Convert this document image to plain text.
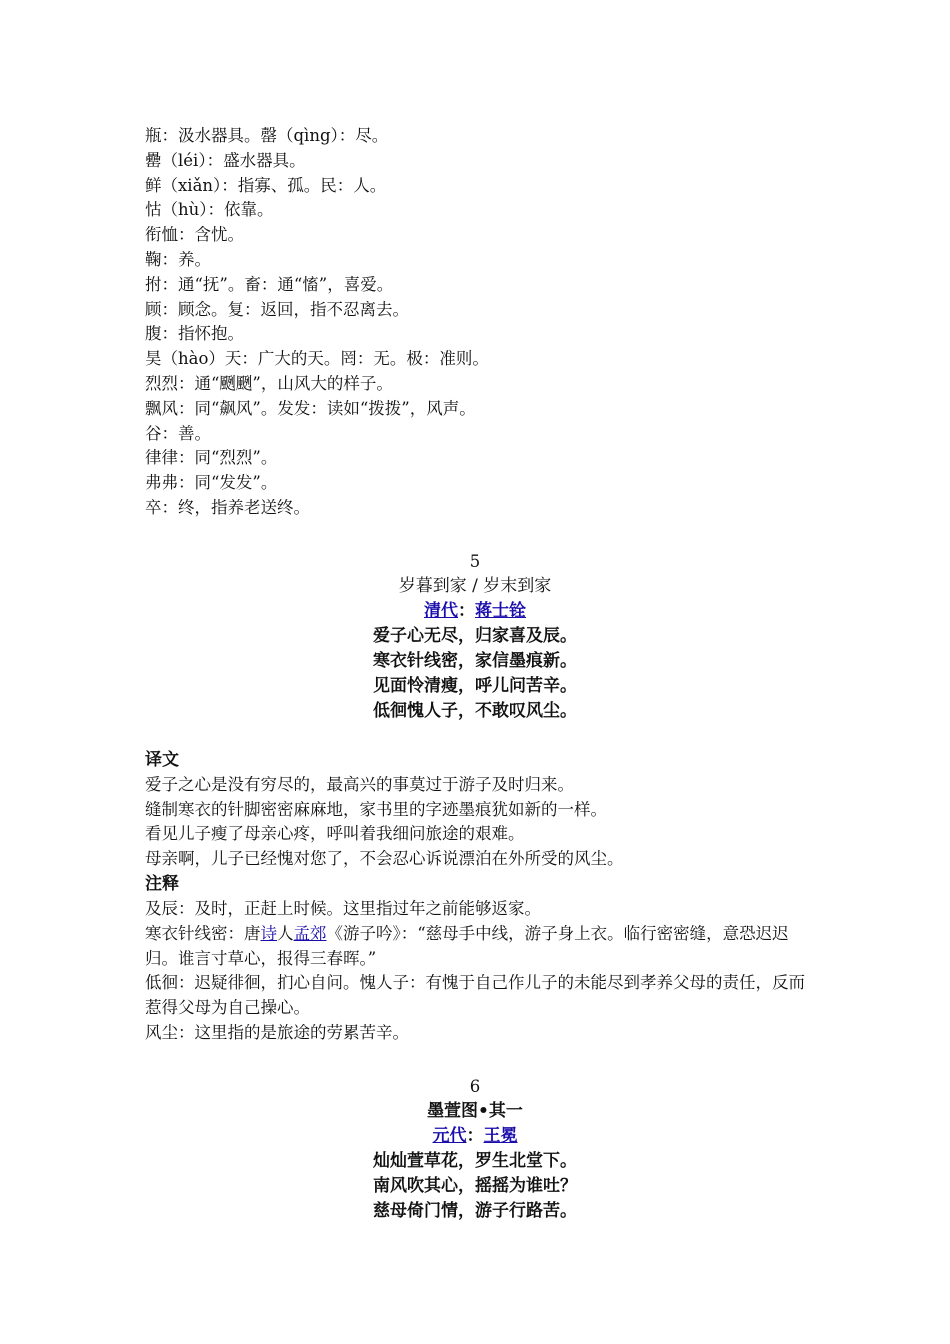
瓶：汲水器具。罄（qìng）：尽。
罍（léi）：盛水器具。
鲜（xiǎn）：指寡、孤。民：人。
怙（hù）：依靠。
衔恤：含忧。
鞠：养。
拊：通“抚”。畜：通“慉”，喜爱。
顾：顾念。复：返回，指不忍离去。
腹：指怀抱。
昊（hào）天：广大的天。罔：无。极：准则。
烈烈：通“颲颲”，山风大的样子。
飘风：同“飙风”。发发：读如“拨拨”，风声。
谷：善。
律律：同“烈烈”。
弗弗：同“发发”。
卒：终，指养老送终。
5
岁暮到家 / 岁末到家
清代：蒋士铨
爱子心无尽，归家喜及辰。
寒衣针线密，家信墨痕新。
见面怜清瘦，呼儿问苦辛。
低徊愧人子，不敢叹风尘。
译文
爱子之心是没有穷尽的，最高兴的事莫过于游子及时归来。
缝制寒衣的针脚密密麻麻地，家书里的字迹墨痕犹如新的一样。
看见儿子瘦了母亲心疼，呼叫着我细问旅途的艰难。
母亲啊，儿子已经愧对您了，不会忍心诉说漂泊在外所受的风尘。
注释
及辰：及时，正赶上时候。这里指过年之前能够返家。
寒衣针线密：唐诗人孟郊《游子吟》：“慈母手中线，游子身上衣。临行密密缝，意恐迟迟归。谁言寸草心，报得三春晖。”
低徊：迟疑徘徊，扪心自问。愧人子：有愧于自己作儿子的未能尽到孝养父母的责任，反而惹得父母为自己操心。
风尘：这里指的是旅途的劳累苦辛。
6
墨萱图•其一
元代：王冕
灿灿萱草花，罗生北堂下。
南风吹其心，摇摇为谁吐？
慈母倚门情，游子行路苦。
